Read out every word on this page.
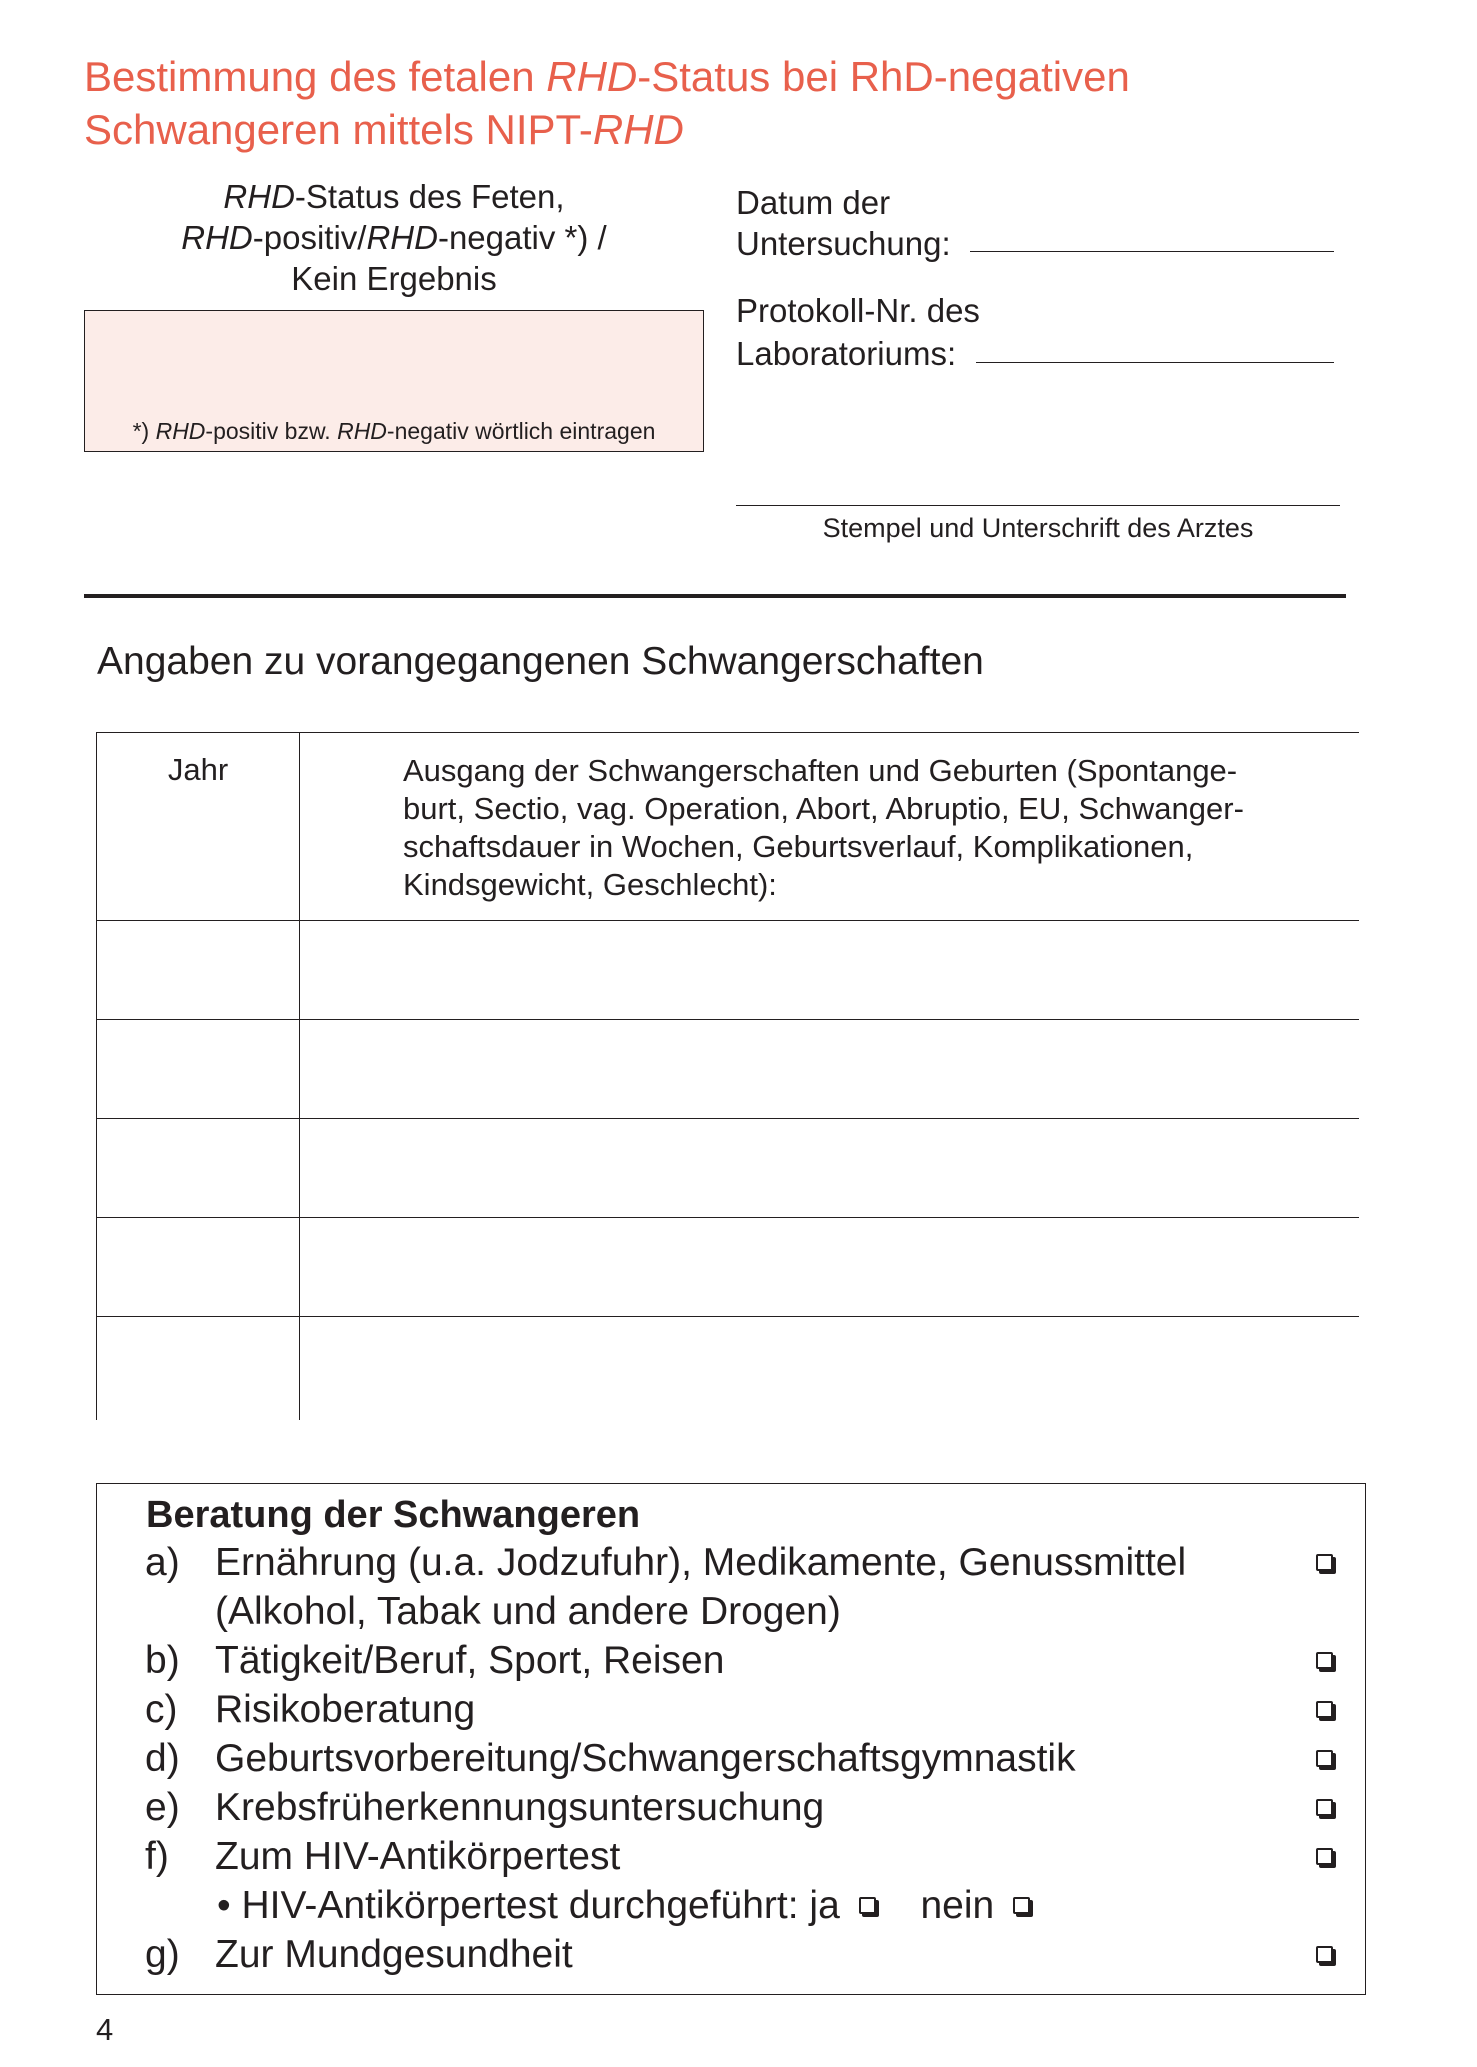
Bestimmung des fetalen RHD-Status bei RhD-negativen
Schwangeren mittels NIPT-RHD
RHD-Status des Feten,
RHD-positiv/RHD-negativ *) /
Kein Ergebnis
*) RHD-positiv bzw. RHD-negativ wörtlich eintragen
Datum der
Untersuchung:
Protokoll-Nr. des
Laboratoriums:
Stempel und Unterschrift des Arztes
Angaben zu vorangegangenen Schwangerschaften
Jahr	Ausgang der Schwangerschaften und Geburten (Spontange-
burt, Sectio, vag. Operation, Abort, Abruptio, EU, Schwanger-
schaftsdauer in Wochen, Geburtsverlauf, Komplikationen,
Kindsgewicht, Geschlecht):
Beratung der Schwangeren
a) Ernährung (u.a. Jodzufuhr), Medikamente, Genussmittel
(Alkohol, Tabak und andere Drogen)
b) Tätigkeit/Beruf, Sport, Reisen
c) Risikoberatung
d) Geburtsvorbereitung/Schwangerschaftsgymnastik
e) Krebsfrüherkennungsuntersuchung
f) Zum HIV-Antikörpertest
• HIV-Antikörpertest durchgeführt: ja nein
g) Zur Mundgesundheit
4
